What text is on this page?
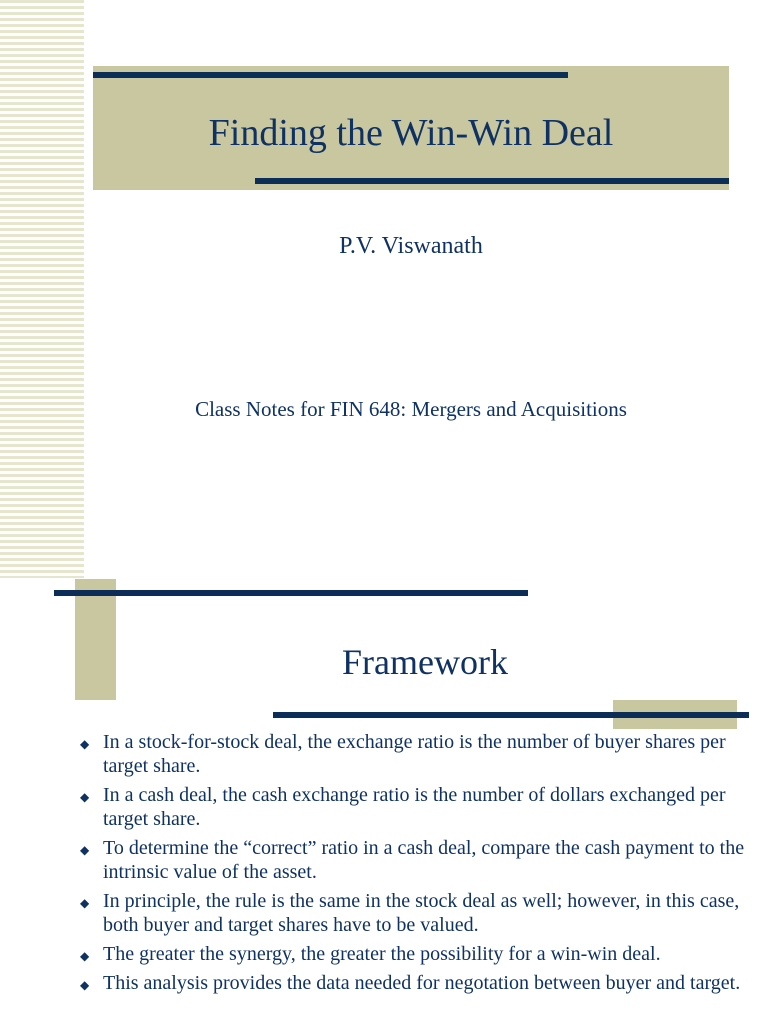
Finding the Win-Win Deal
P.V. Viswanath
Class Notes for FIN 648: Mergers and Acquisitions
Framework
◆ In a stock-for-stock deal, the exchange ratio is the number of buyer shares per target share.
◆ In a cash deal, the cash exchange ratio is the number of dollars exchanged per target share.
◆ To determine the “correct” ratio in a cash deal, compare the cash payment to the intrinsic value of the asset.
◆ In principle, the rule is the same in the stock deal as well; however, in this case, both buyer and target shares have to be valued.
◆ The greater the synergy, the greater the possibility for a win-win deal.
◆ This analysis provides the data needed for negotation between buyer and target.
